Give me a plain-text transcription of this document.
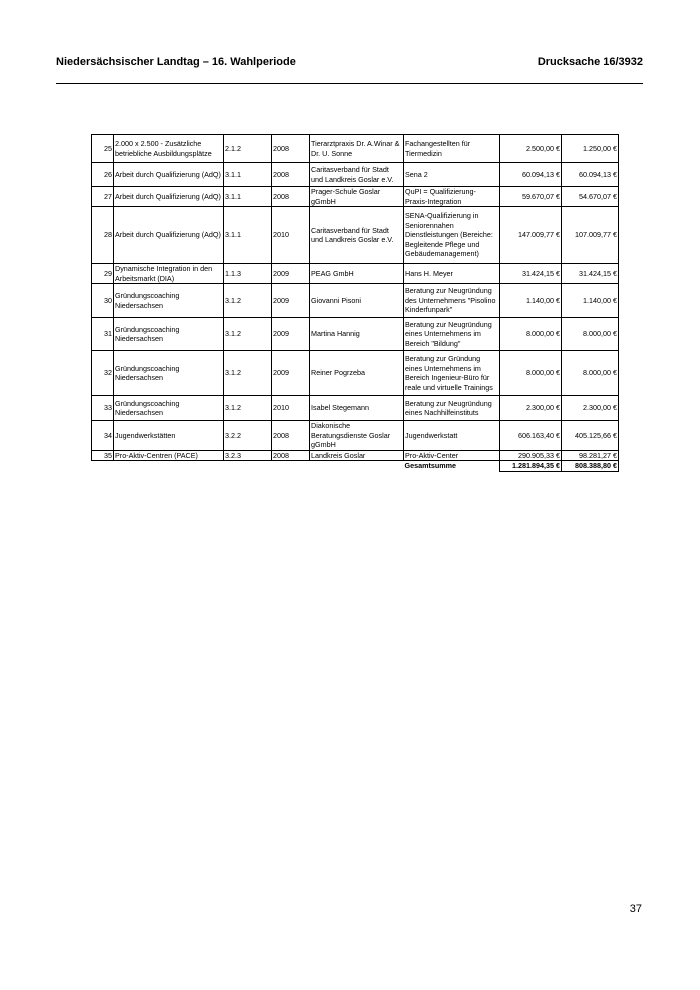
Niedersächsischer Landtag – 16. Wahlperiode	Drucksache 16/3932
25	2.000 x 2.500 - Zusätzliche betriebliche Ausbildungsplätze	2.1.2	2008	Tierarztpraxis Dr. A.Winar & Dr. U. Sonne	Fachangestellten für Tiermedizin	2.500,00 €	1.250,00 €
26	Arbeit durch Qualifizierung (AdQ)	3.1.1	2008	Caritasverband für Stadt und Landkreis Goslar e.V.	Sena 2	60.094,13 €	60.094,13 €
27	Arbeit durch Qualifizierung (AdQ)	3.1.1	2008	Prager-Schule Goslar gGmbH	QuPI = Qualifizierung-Praxis-Integration	59.670,07 €	54.670,07 €
28	Arbeit durch Qualifizierung (AdQ)	3.1.1	2010	Caritasverband für Stadt und Landkreis Goslar e.V.	SENA-Qualifizierung in Seniorennahen Dienstleistungen (Bereiche: Begleitende Pflege und Gebäudemanagement)	147.009,77 €	107.009,77 €
29	Dynamische Integration in den Arbeitsmarkt (DIA)	1.1.3	2009	PEAG GmbH	Hans H. Meyer	31.424,15 €	31.424,15 €
30	Gründungscoaching Niedersachsen	3.1.2	2009	Giovanni Pisoni	Beratung zur Neugründung des Unternehmens "Pisolino Kinderfunpark"	1.140,00 €	1.140,00 €
31	Gründungscoaching Niedersachsen	3.1.2	2009	Martina Hannig	Beratung zur Neugründung eines Unternehmens im Bereich "Bildung"	8.000,00 €	8.000,00 €
32	Gründungscoaching Niedersachsen	3.1.2	2009	Reiner Pogrzeba	Beratung zur Gründung eines Unternehmens im Bereich Ingenieur-Büro für reale und virtuelle Trainings	8.000,00 €	8.000,00 €
33	Gründungscoaching Niedersachsen	3.1.2	2010	Isabel Stegemann	Beratung zur Neugründung eines Nachhilfeinstituts	2.300,00 €	2.300,00 €
34	Jugendwerkstätten	3.2.2	2008	Diakonische Beratungsdienste Goslar gGmbH	Jugendwerkstatt	606.163,40 €	405.125,66 €
35	Pro-Aktiv-Centren (PACE)	3.2.3	2008	Landkreis Goslar	Pro-Aktiv-Center	290.905,33 €	98.281,27 €
					Gesamtsumme	1.281.894,35 €	808.388,80 €
37
